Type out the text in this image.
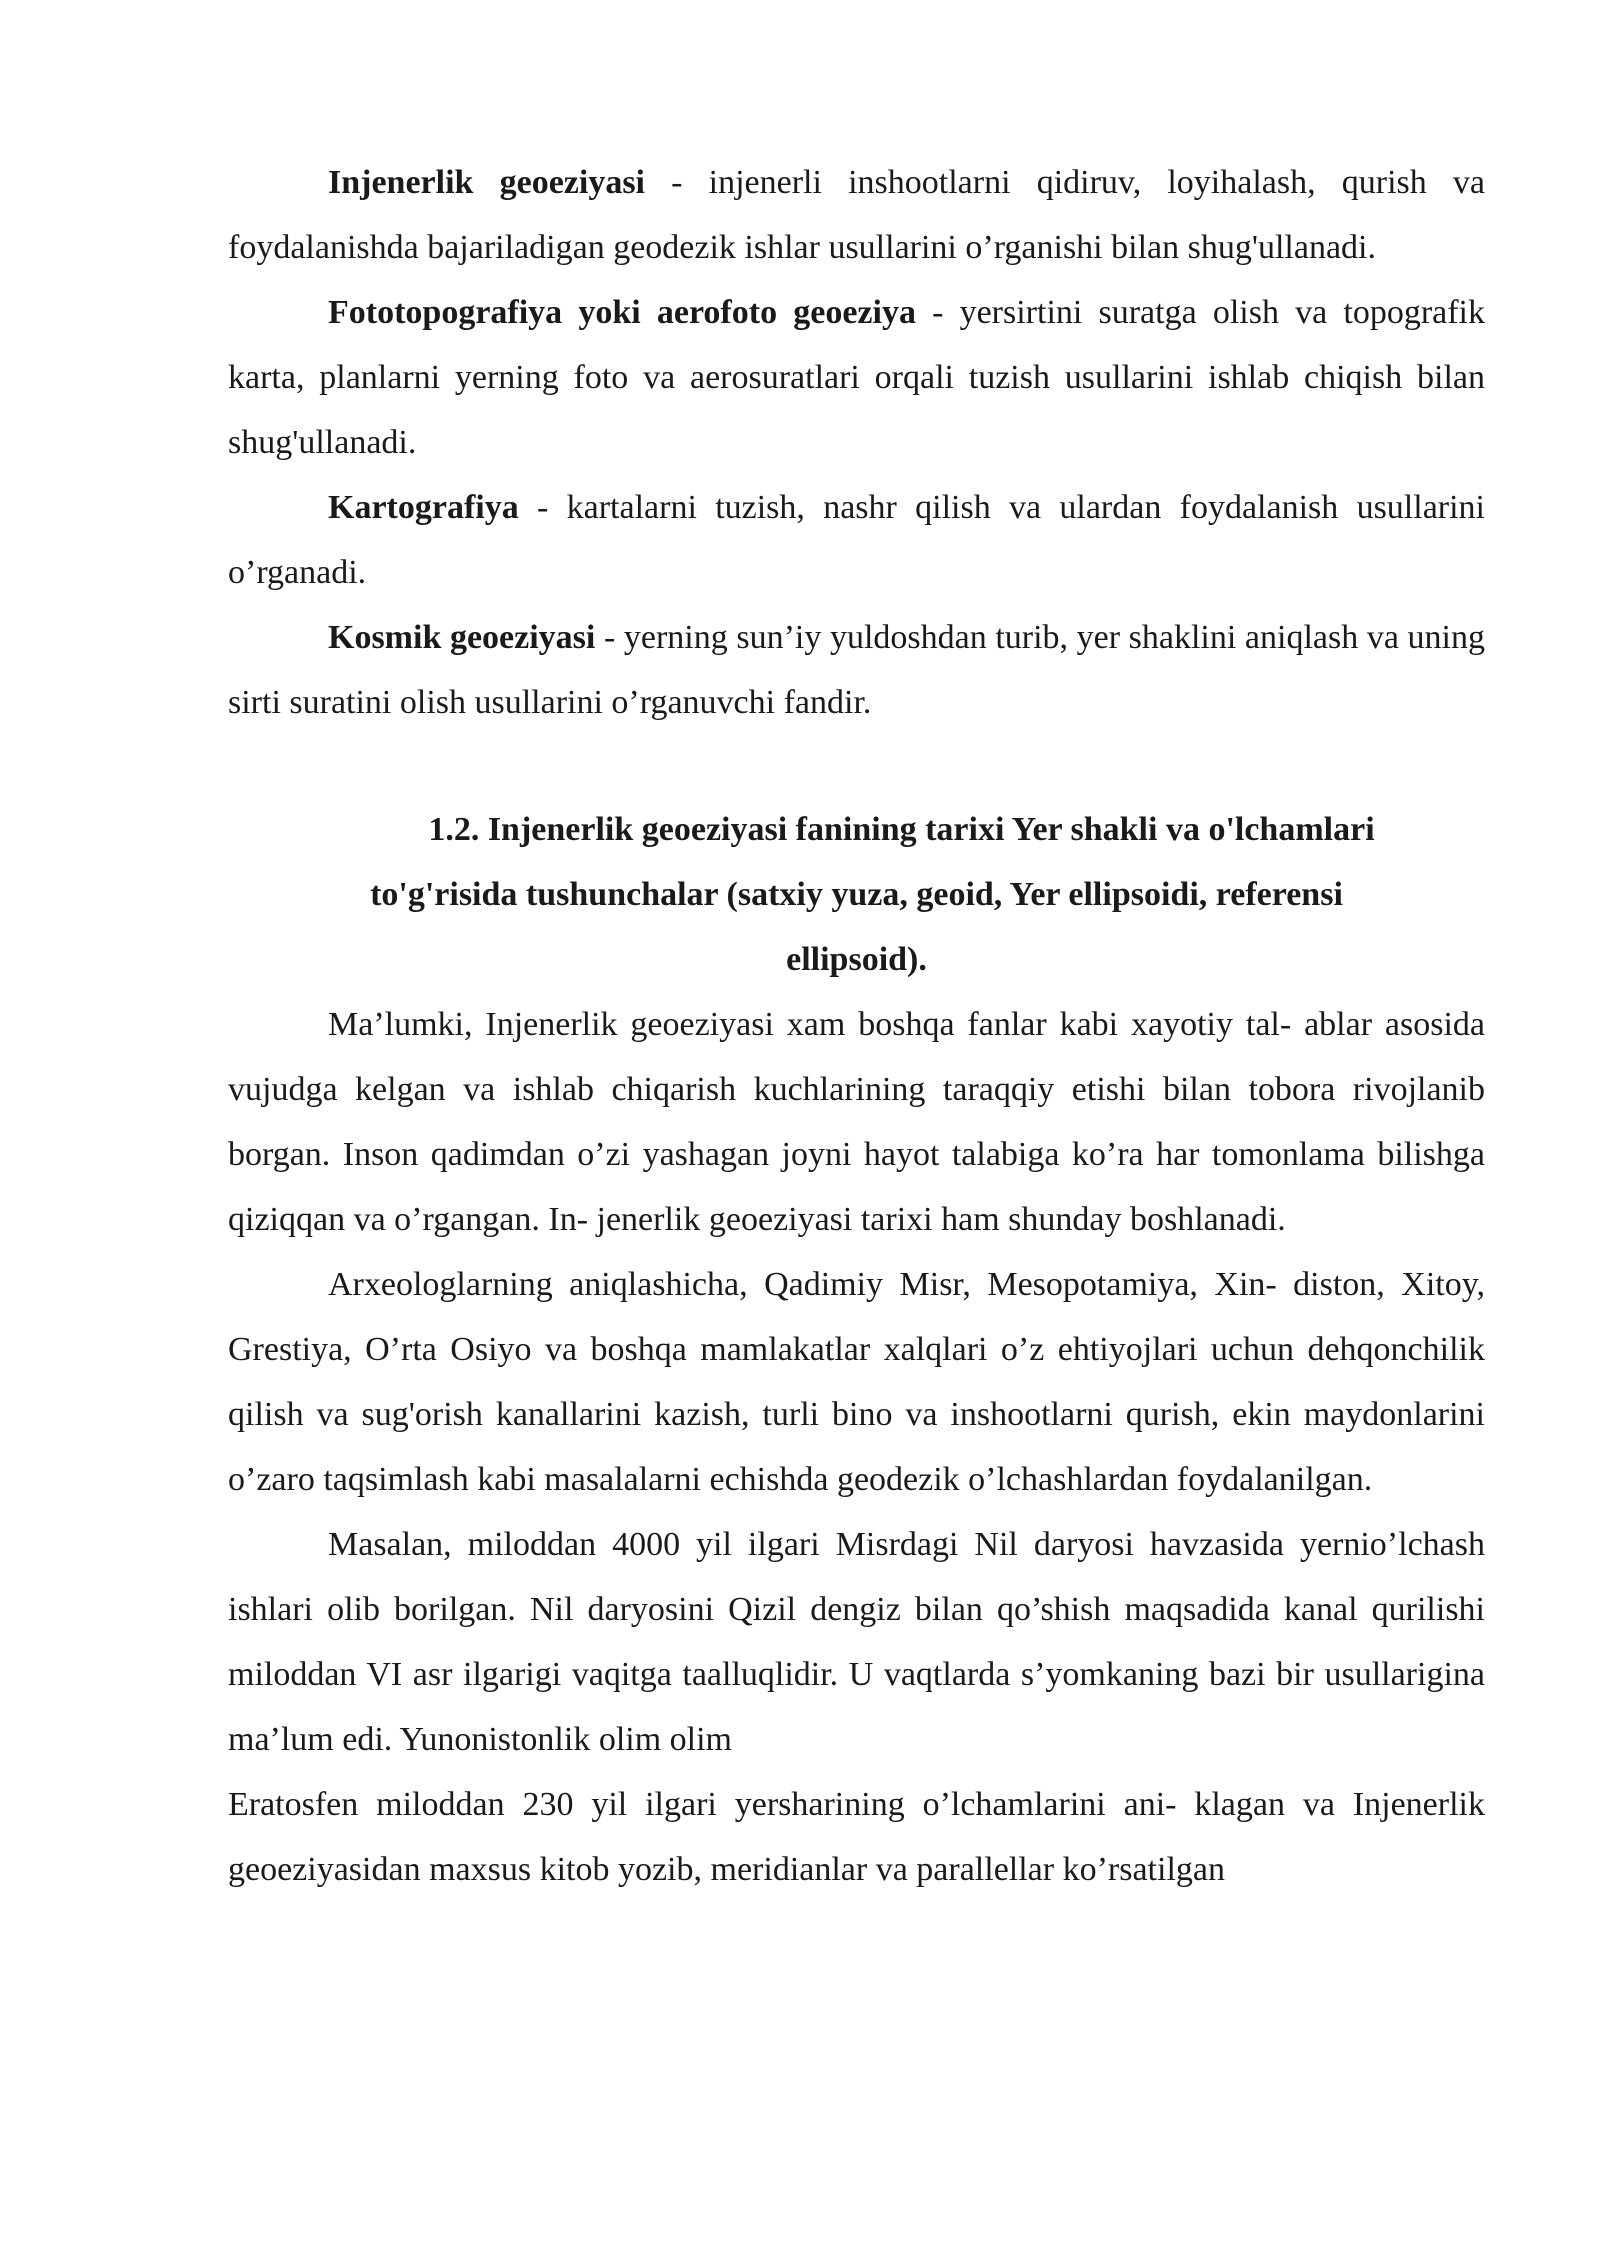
Injenerlik geoeziyasi - injenerli inshootlarni qidiruv, loyihalash, qurish va foydalanishda bajariladigan geodezik ishlar usullarini o’rganishi bilan shug'ullanadi.

Fototopografiya yoki aerofoto geoeziya - yersirtini suratga olish va topografik karta, planlarni yerning foto va aerosuratlari orqali tuzish usullarini ishlab chiqish bilan shug'ullanadi.

Kartografiya - kartalarni tuzish, nashr qilish va ulardan foydalanish usullarini o’rganadi.

Kosmik geoeziyasi - yerning sun’iy yuldoshdan turib, yer shaklini aniqlash va uning sirti suratini olish usullarini o’rganuvchi fandir.

1.2. Injenerlik geoeziyasi fanining tarixi Yer shakli va o'lchamlari
to'g'risida tushunchalar (satxiy yuza, geoid, Yer ellipsoidi, referensi
ellipsoid).

Ma’lumki, Injenerlik geoeziyasi xam boshqa fanlar kabi xayotiy tal- ablar asosida vujudga kelgan va ishlab chiqarish kuchlarining taraqqiy etishi bilan tobora rivojlanib borgan. Inson qadimdan o’zi yashagan joyni hayot talabiga ko’ra har tomonlama bilishga qiziqqan va o’rgangan. In- jenerlik geoeziyasi tarixi ham shunday boshlanadi.

Arxeologlarning aniqlashicha, Qadimiy Misr, Mesopotamiya, Xin- diston, Xitoy, Grestiya, O’rta Osiyo va boshqa mamlakatlar xalqlari o’z ehtiyojlari uchun dehqonchilik qilish va sug'orish kanallarini kazish, turli bino va inshootlarni qurish, ekin maydonlarini o’zaro taqsimlash kabi masalalarni echishda geodezik o’lchashlardan foydalanilgan.

Masalan, miloddan 4000 yil ilgari Misrdagi Nil daryosi havzasida yernio’lchash ishlari olib borilgan. Nil daryosini Qizil dengiz bilan qo’shish maqsadida kanal qurilishi miloddan VI asr ilgarigi vaqitga taalluqlidir. U vaqtlarda s’yomkaning bazi bir usullarigina ma’lum edi. Yunonistonlik olim olim

Eratosfen miloddan 230 yil ilgari yersharining o’lchamlarini ani- klagan va Injenerlik geoeziyasidan maxsus kitob yozib, meridianlar va parallellar ko’rsatilgan
